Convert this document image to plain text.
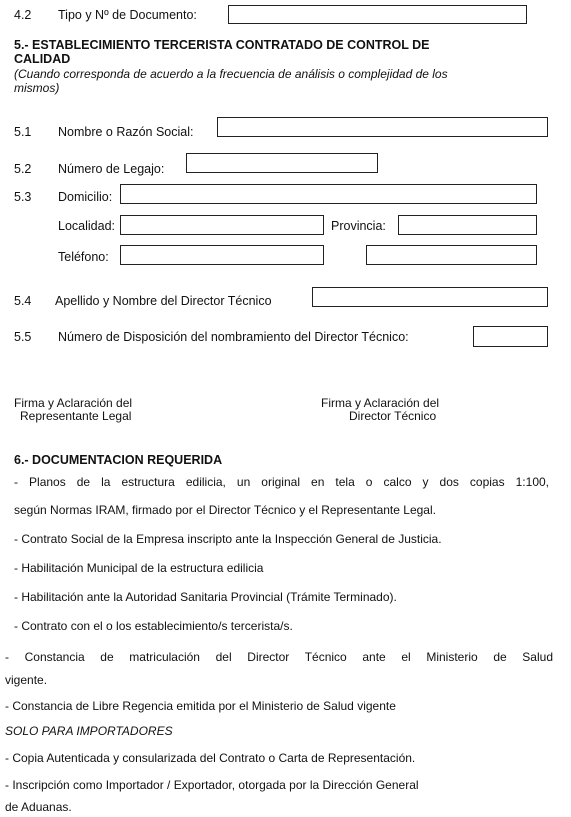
4.2 Tipo y Nº de Documento:
5.- ESTABLECIMIENTO TERCERISTA CONTRATADO DE CONTROL DE
CALIDAD
(Cuando corresponda de acuerdo a la frecuencia de análisis o complejidad de los
mismos)
5.1 Nombre o Razón Social:
5.2 Número de Legajo:
5.3 Domicilio:
Localidad:	Provincia:
Teléfono:
5.4 Apellido y Nombre del Director Técnico
5.5 Número de Disposición del nombramiento del Director Técnico:
Firma y Aclaración del
Representante Legal
Firma y Aclaración del
Director Técnico
6.- DOCUMENTACION REQUERIDA
- Planos de la estructura edilicia, un original en tela o calco y dos copias 1:100,
según Normas IRAM, firmado por el Director Técnico y el Representante Legal.
- Contrato Social de la Empresa inscripto ante la Inspección General de Justicia.
- Habilitación Municipal de la estructura edilicia
- Habilitación ante la Autoridad Sanitaria Provincial (Trámite Terminado).
- Contrato con el o los establecimiento/s tercerista/s.
- Constancia de matriculación del Director Técnico ante el Ministerio de Salud
vigente.
- Constancia de Libre Regencia emitida por el Ministerio de Salud vigente
SOLO PARA IMPORTADORES
- Copia Autenticada y consularizada del Contrato o Carta de Representación.
- Inscripción como Importador / Exportador, otorgada por la Dirección General
de Aduanas.
